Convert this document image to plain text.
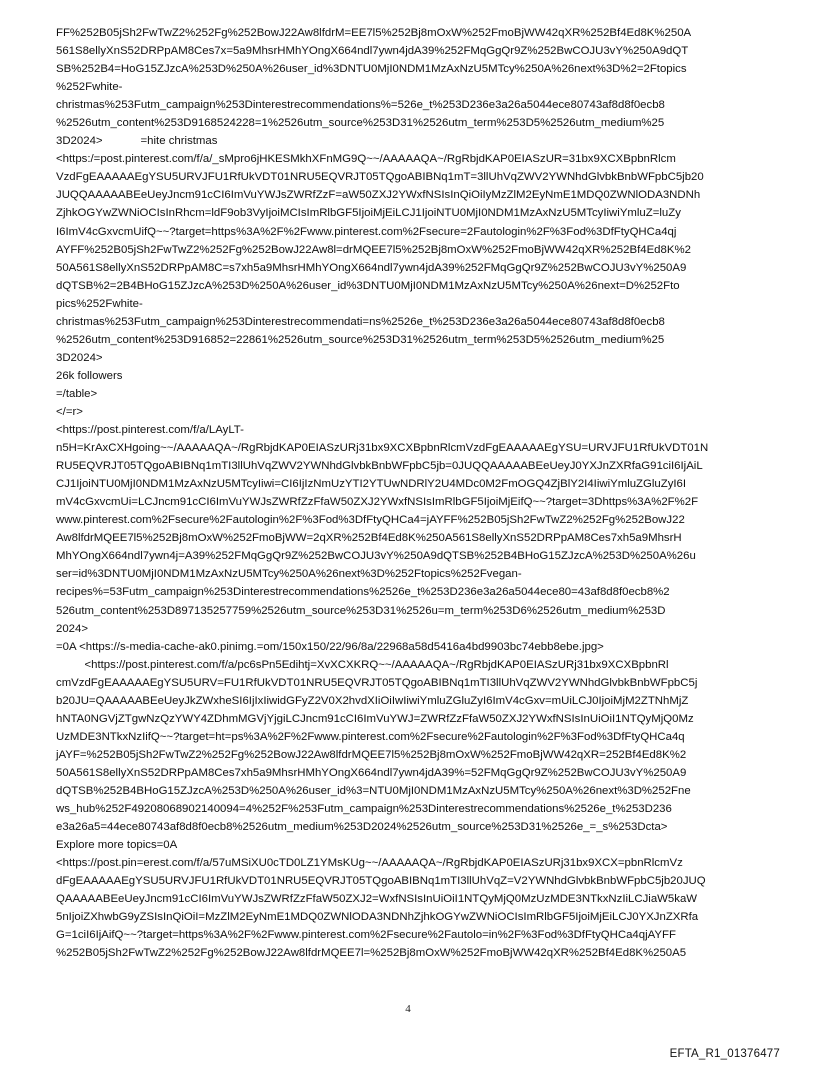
FF%252B05jSh2FwTwZ2%252Fg%252BowJ22Aw8lfdrM=EE7l5%252Bj8mOxW%252FmoBjWW42qXR%252Bf4Ed8K%250A
561S8ellyXnS52DRPpAM8Ces7x=5a9MhsrHMhYOngX664ndl7ywn4jdA39%252FMqGgQr9Z%252BwCOJU3vY%250A9dQT
SB%252B4=HoG15ZJzcA%253D%250A%26user_id%3DNTU0MjI0NDM1MzAxNzU5MTcy%250A%26next%3D%2=2Ftopics
%252Fwhite-
christmas%253Futm_campaign%253Dinterestrecommendations%=526e_t%253D236e3a26a5044ece80743af8d8f0ecb8
%2526utm_content%253D9168524228=1%2526utm_source%253D31%2526utm_term%253D5%2526utm_medium%25
3D2024>            =hite christmas
<https:/=post.pinterest.com/f/a/_sMpro6jHKESMkhXFnMG9Q~~/AAAAAQA~/RgRbjdKAP0EIASzUR=31bx9XCXBpbnRlcm
VzdFgEAAAAAEgYSU5URVJFU1RfUkVDT01NRU5EQVRJT05TQgoABIBNq1mT=3llUhVqZWV2YWNhdGlvbkBnbWFpbC5jb20
JUQQAAAAABEeUeyJncm91cCI6ImVuYWJsZWRfZzF=aW50ZXJ2YWxfNSIsInQiOiIyMzZlM2EyNmE1MDQ0ZWNlODA3NDNh
ZjhkOGYwZWNiOCIsInRhcm=ldF9ob3VyIjoiMCIsImRlbGF5IjoiMjEiLCJ1IjoiNTU0MjI0NDM1MzAxNzU5MTcyIiwiYmluZ=luZy
I6ImV4cGxvcmUifQ~~?target=https%3A%2F%2Fwww.pinterest.com%2Fsecure=2Fautologin%2F%3Fod%3DfFtyQHCa4qj
AYFF%252B05jSh2FwTwZ2%252Fg%252BowJ22Aw8l=drMQEE7l5%252Bj8mOxW%252FmoBjWW42qXR%252Bf4Ed8K%2
50A561S8ellyXnS52DRPpAM8C=s7xh5a9MhsrHMhYOngX664ndl7ywn4jdA39%252FMqGgQr9Z%252BwCOJU3vY%250A9
dQTSB%2=2B4BHoG15ZJzcA%253D%250A%26user_id%3DNTU0MjI0NDM1MzAxNzU5MTcy%250A%26next=D%252Fto
pics%252Fwhite-
christmas%253Futm_campaign%253Dinterestrecommendati=ns%2526e_t%253D236e3a26a5044ece80743af8d8f0ecb8
%2526utm_content%253D916852=22861%2526utm_source%253D31%2526utm_term%253D5%2526utm_medium%25
3D2024>
26k followers
=/table>
</=r>
<https://post.pinterest.com/f/a/LAyLT-
n5H=KrAxCXHgoing~~/AAAAAQA~/RgRbjdKAP0EIASzURj31bx9XCXBpbnRlcmVzdFgEAAAAAEgYSU=URVJFU1RfUkVDT01N
RU5EQVRJT05TQgoABIBNq1mTI3llUhVqZWV2YWNhdGlvbkBnbWFpbC5jb=0JUQQAAAAABEeUeyJ0YXJnZXRfaG91ciI6IjAiL
CJ1IjoiNTU0MjI0NDM1MzAxNzU5MTcyIiwi=CI6IjIzNmUzYTI2YTUwNDRlY2U4MDc0M2FmOGQ4ZjBlY2I4IiwiYmluZGluZyI6I
mV4cGxvcmUi=LCJncm91cCI6ImVuYWJsZWRfZzFfaW50ZXJ2YWxfNSIsImRlbGF5IjoiMjEifQ~~?target=3Dhttps%3A%2F%2F
www.pinterest.com%2Fsecure%2Fautologin%2F%3Fod%3DfFtyQHCa4=jAYFF%252B05jSh2FwTwZ2%252Fg%252BowJ22
Aw8lfdrMQEE7l5%252Bj8mOxW%252FmoBjWW=2qXR%252Bf4Ed8K%250A561S8ellyXnS52DRPpAM8Ces7xh5a9MhsrH
MhYOngX664ndl7ywn4j=A39%252FMqGgQr9Z%252BwCOJU3vY%250A9dQTSB%252B4BHoG15ZJzcA%253D%250A%26u
ser=id%3DNTU0MjI0NDM1MzAxNzU5MTcy%250A%26next%3D%252Ftopics%252Fvegan-
recipes%=53Futm_campaign%253Dinterestrecommendations%2526e_t%253D236e3a26a5044ece80=43af8d8f0ecb8%2
526utm_content%253D897135257759%2526utm_source%253D31%2526u=m_term%253D6%2526utm_medium%253D
2024>
=0A <https://s-media-cache-ak0.pinimg.=om/150x150/22/96/8a/22968a58d5416a4bd9903bc74ebb8ebe.jpg>
<https://post.pinterest.com/f/a/pc6sPn5Edihtj=XvXCXKRQ~~/AAAAAQA~/RgRbjdKAP0EIASzURj31bx9XCXBpbnRl
cmVzdFgEAAAAAEgYSU5URV=FU1RfUkVDT01NRU5EQVRJT05TQgoABIBNq1mTI3llUhVqZWV2YWNhdGlvbkBnbWFpbC5j
b20JU=QAAAAABEeUeyJkZWxheSI6IjIxIiwidGFyZ2V0X2hvdXIiOiIwIiwiYmluZGluZyI6ImV4cGxv=mUiLCJ0IjoiMjM2ZTNhMjZ
hNTA0NGVjZTgwNzQzYWY4ZDhmMGVjYjgiLCJncm91cCI6ImVuYWJ=ZWRfZzFfaW50ZXJ2YWxfNSIsInUiOiI1NTQyMjQ0Mz
UzMDE3NTkxNzIifQ~~?target=ht=ps%3A%2F%2Fwww.pinterest.com%2Fsecure%2Fautologin%2F%3Fod%3DfFtyQHCa4q
jAYF=%252B05jSh2FwTwZ2%252Fg%252BowJ22Aw8lfdrMQEE7l5%252Bj8mOxW%252FmoBjWW42qXR=252Bf4Ed8K%2
50A561S8ellyXnS52DRPpAM8Ces7xh5a9MhsrHMhYOngX664ndl7ywn4jdA39%=52FMqGgQr9Z%252BwCOJU3vY%250A9
dQTSB%252B4BHoG15ZJzcA%253D%250A%26user_id%3=NTU0MjI0NDM1MzAxNzU5MTcy%250A%26next%3D%252Fne
ws_hub%252F49208068902140094=4%252F%253Futm_campaign%253Dinterestrecommendations%2526e_t%253D236
e3a26a5=44ece80743af8d8f0ecb8%2526utm_medium%253D2024%2526utm_source%253D31%2526e_=_s%253Dcta>
Explore more topics=0A
<https://post.pin=erest.com/f/a/57uMSiXU0cTD0LZ1YMsKUg~~/AAAAAQA~/RgRbjdKAP0EIASzURj31bx9XCX=pbnRlcmVz
dFgEAAAAAEgYSU5URVJFU1RfUkVDT01NRU5EQVRJT05TQgoABIBNq1mTI3llUhVqZ=V2YWNhdGlvbkBnbWFpbC5jb20JUQ
QAAAAABEeUeyJncm91cCI6ImVuYWJsZWRfZzFfaW50ZXJ2=WxfNSIsInUiOiI1NTQyMjQ0MzUzMDE3NTkxNzIiLCJiaW5kaW
5nIjoiZXhwbG9yZSIsInQiOiI=MzZlM2EyNmE1MDQ0ZWNlODA3NDNhZjhkOGYwZWNiOCIsImRlbGF5IjoiMjEiLCJ0YXJnZXRfa
G=1ciI6IjAifQ~~?target=https%3A%2F%2Fwww.pinterest.com%2Fsecure%2Fautolo=in%2F%3Fod%3DfFtyQHCa4qjAYFF
%252B05jSh2FwTwZ2%252Fg%252BowJ22Aw8lfdrMQEE7l=%252Bj8mOxW%252FmoBjWW42qXR%252Bf4Ed8K%250A5
4
EFTA_R1_01376477
